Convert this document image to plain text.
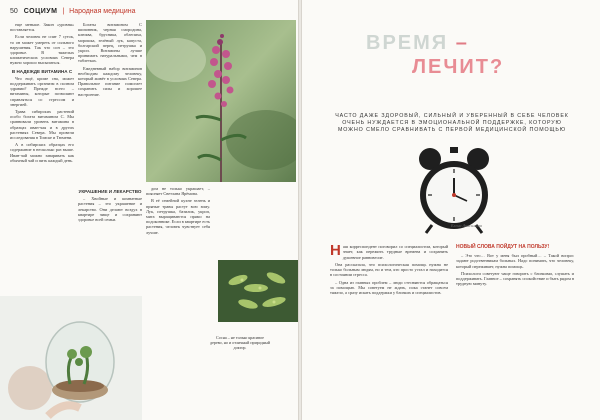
50 СОЦИУМ | Народная медицина

еще меньше. Закон «уровня» поставляется.

Если человек не спит 7 суток, то он может умереть от сильного нарушения. Так что сон – это здоровье. В тяжелых климатических условиях Севера нужно хорошо высыпаться.

В НАДЕЖДЕ ВИТАМИНА С

Что ещё, кроме сна, может поддерживать организм в полном здравии? Прежде всего – витамины, которые позволяют справляться со стрессом и энергией.

Трава сибирских растений особо богата витамином С. Мы сравнивали уровень витамина в образцах иван-чая и в других растениях Севера. Мы провели исследования в Томске и Тюмени.

А в сибирских образцах его содержание в несколько раз выше. Иван-чай можно заваривать как обычный чай и пить каждый день.

Богаты витамином С шиповник, черная смородина, клюква, брусника, облепиха, морошка, зелёный лук, капуста, болгарский перец, петрушка и укроп. Витамины лучше принимать натуральными, чем в таблетках.

Ежедневный набор витаминов необходим каждому человеку, который живёт в условиях Севера. Правильное питание помогает сохранить силы и хорошее настроение.

УКРАШЕНИЕ И ЛЕКАРСТВО

– Хвойные и комнатные растения – это украшение и лекарство. Они делают воздух в квартире чище и сохраняют здоровье всей семьи.

дом не только украшает, – поясняет Светлана Ярёмова.

В её семейной кухне зелень и пряные травы растут всю зиму. Лук, петрушка, базилик, укроп, мята выращиваются прямо на подоконнике. Если в квартире есть растения, человек чувствует себя лучше.

Сосна – не только красивое дерево, но и отличный природный доктор.
ВРЕМЯ –
ЛЕЧИТ?
ЧАСТО ДАЖЕ ЗДОРОВЫЙ, СИЛЬНЫЙ И УВЕРЕННЫЙ В СЕБЕ ЧЕЛОВЕК ОЧЕНЬ НУЖДАЕТСЯ В ЭМОЦИОНАЛЬНОЙ ПОДДЕРЖКЕ, КОТОРУЮ МОЖНО СМЕЛО СРАВНИВАТЬ С ПЕРВОЙ МЕДИЦИНСКОЙ ПОМОЩЬЮ
Елена Анисимова

Н аш корреспондент поговорил со специалистом, который знает, как пережить трудные времена и сохранить душевное равновесие.

Она рассказала, что психологическая помощь нужна не только больным людям, но и тем, кто просто устал и находится в состоянии стресса.

– Одна из главных проблем – люди стесняются обращаться за помощью. Мы советуем не ждать, пока станет совсем тяжело, а сразу искать поддержки у близких и специалистов.

НОВЫЙ СЛОВА ПОЙДУТ НА ПОЛЬЗУ!

– Это что… Вот у меня был пробный… – Такой вопрос задают родственникам больных. Надо понимать, что человеку, который переживает, нужна помощь.

Психологи советуют чаще говорить с близкими, слушать и поддерживать. Главное – сохранять спокойствие и быть рядом в трудную минуту.
